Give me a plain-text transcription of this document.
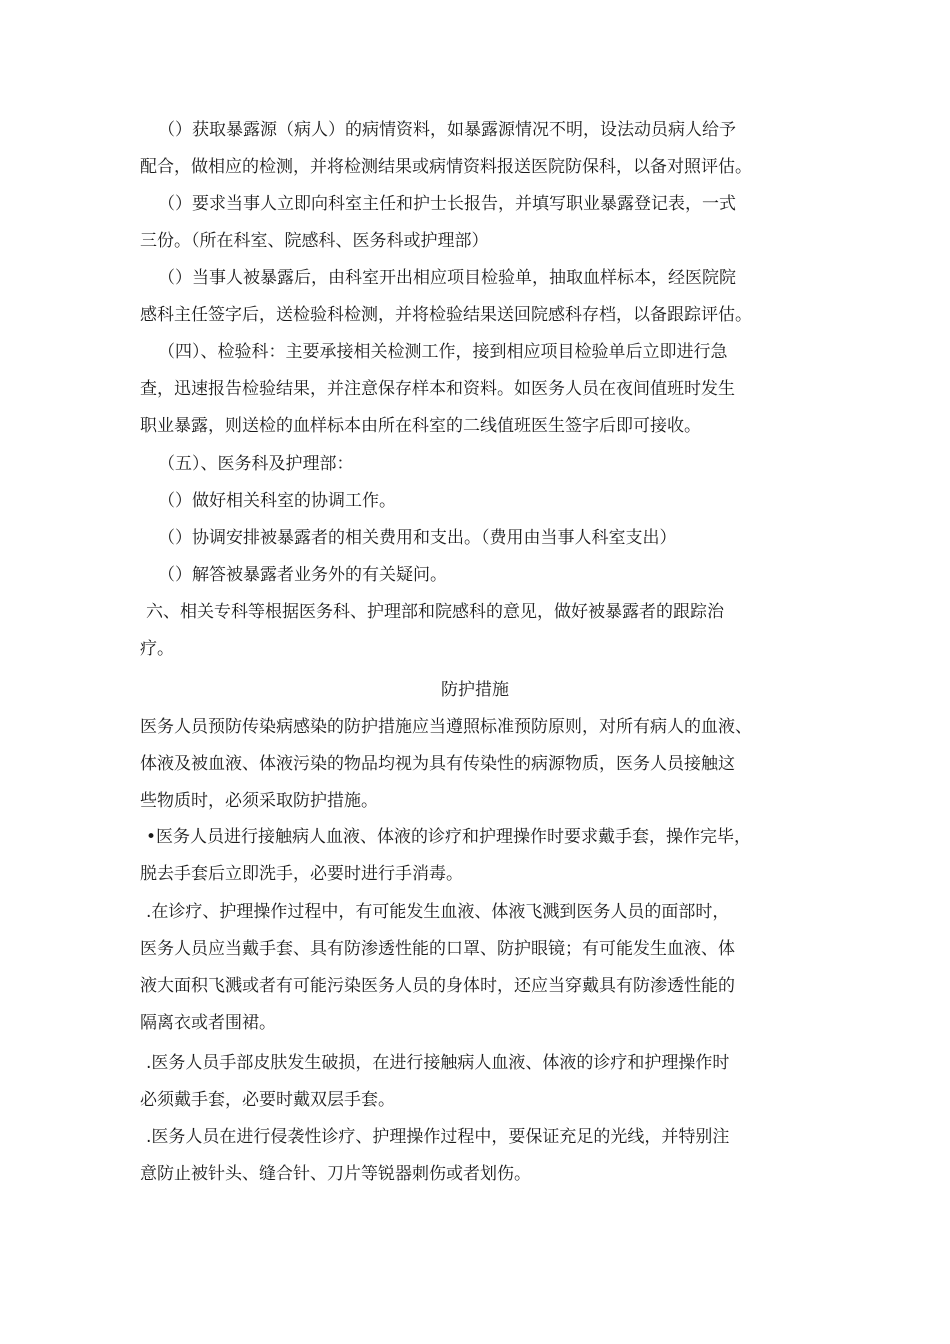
（）获取暴露源（病人）的病情资料，如暴露源情况不明，设法动员病人给予
配合，做相应的检测，并将检测结果或病情资料报送医院防保科，以备对照评估。
（）要求当事人立即向科室主任和护士长报告，并填写职业暴露登记表，一式
三份。（所在科室、院感科、医务科或护理部）
（）当事人被暴露后，由科室开出相应项目检验单，抽取血样标本，经医院院
感科主任签字后，送检验科检测，并将检验结果送回院感科存档，以备跟踪评估。
（四）、检验科：主要承接相关检测工作，接到相应项目检验单后立即进行急
查，迅速报告检验结果，并注意保存样本和资料。如医务人员在夜间值班时发生
职业暴露，则送检的血样标本由所在科室的二线值班医生签字后即可接收。
（五）、医务科及护理部：
（）做好相关科室的协调工作。
（）协调安排被暴露者的相关费用和支出。（费用由当事人科室支出）
（）解答被暴露者业务外的有关疑问。
六、相关专科等根据医务科、护理部和院感科的意见，做好被暴露者的跟踪治
疗。
防护措施
医务人员预防传染病感染的防护措施应当遵照标准预防原则，对所有病人的血液、
体液及被血液、体液污染的物品均视为具有传染性的病源物质，医务人员接触这
些物质时，必须采取防护措施。
•医务人员进行接触病人血液、体液的诊疗和护理操作时要求戴手套，操作完毕，
脱去手套后立即洗手，必要时进行手消毒。
.在诊疗、护理操作过程中，有可能发生血液、体液飞溅到医务人员的面部时，
医务人员应当戴手套、具有防渗透性能的口罩、防护眼镜；有可能发生血液、体
液大面积飞溅或者有可能污染医务人员的身体时，还应当穿戴具有防渗透性能的
隔离衣或者围裙。
.医务人员手部皮肤发生破损，在进行接触病人血液、体液的诊疗和护理操作时
必须戴手套，必要时戴双层手套。
.医务人员在进行侵袭性诊疗、护理操作过程中，要保证充足的光线，并特别注
意防止被针头、缝合针、刀片等锐器刺伤或者划伤。
